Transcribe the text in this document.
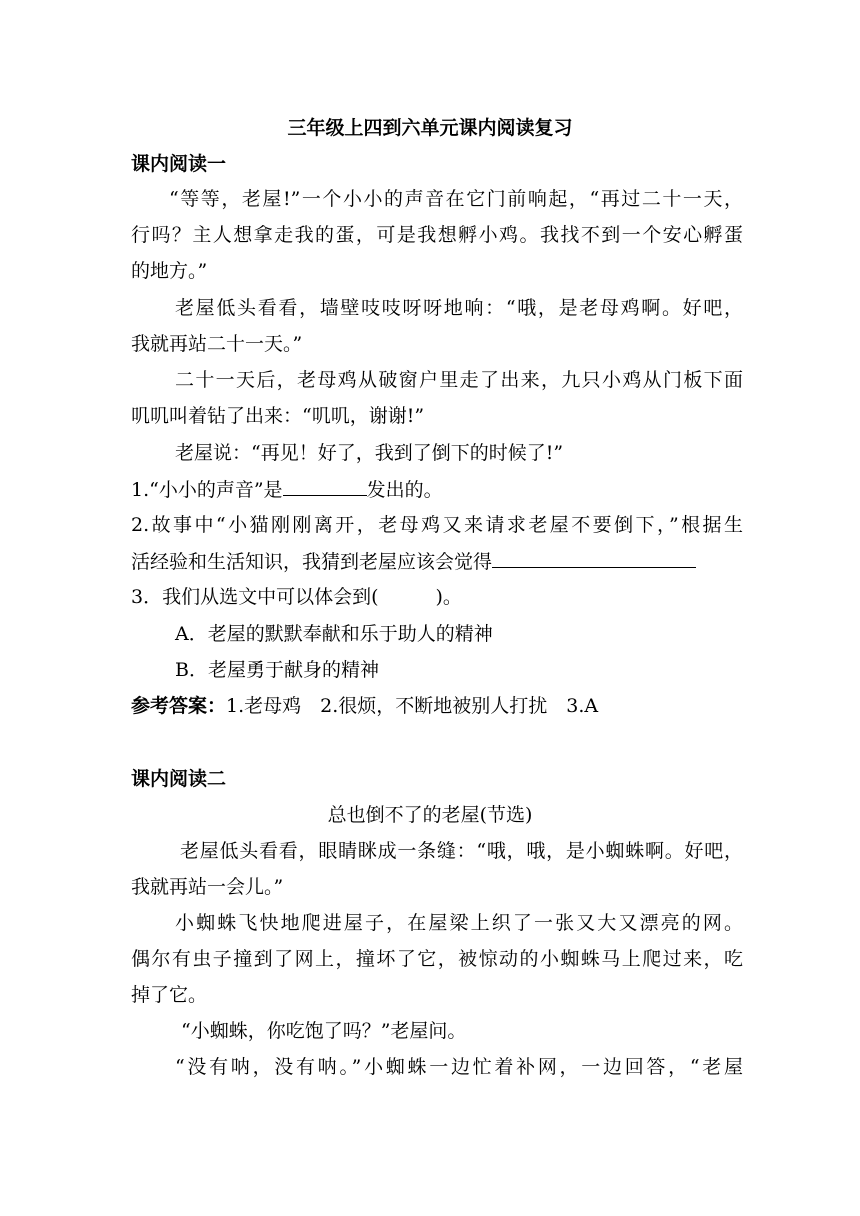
三年级上四到六单元课内阅读复习
课内阅读一
“等等，老屋!”一个小小的声音在它门前响起，“再过二十一天，
行吗？主人想拿走我的蛋，可是我想孵小鸡。我找不到一个安心孵蛋
的地方。”
老屋低头看看，墙壁吱吱呀呀地响：“哦，是老母鸡啊。好吧，
我就再站二十一天。”
二十一天后，老母鸡从破窗户里走了出来，九只小鸡从门板下面
叽叽叫着钻了出来：“叽叽，谢谢!”
老屋说：“再见！好了，我到了倒下的时候了!”
1.“小小的声音”是	发出的。
2.故事中“小猫刚刚离开，老母鸡又来请求老屋不要倒下，”根据生
活经验和生活知识，我猜到老屋应该会觉得
3．我们从选文中可以体会到(　　　)。
A．老屋的默默奉献和乐于助人的精神
B．老屋勇于献身的精神
参考答案：1.老母鸡　2.很烦，不断地被别人打扰　3.A
课内阅读二
总也倒不了的老屋(节选)
老屋低头看看，眼睛眯成一条缝：“哦，哦，是小蜘蛛啊。好吧，
我就再站一会儿。”
小蜘蛛飞快地爬进屋子，在屋梁上织了一张又大又漂亮的网。
偶尔有虫子撞到了网上，撞坏了它，被惊动的小蜘蛛马上爬过来，吃
掉了它。
“小蜘蛛，你吃饱了吗？”老屋问。
“没有呐，没有呐。”小蜘蛛一边忙着补网，一边回答，“老屋
